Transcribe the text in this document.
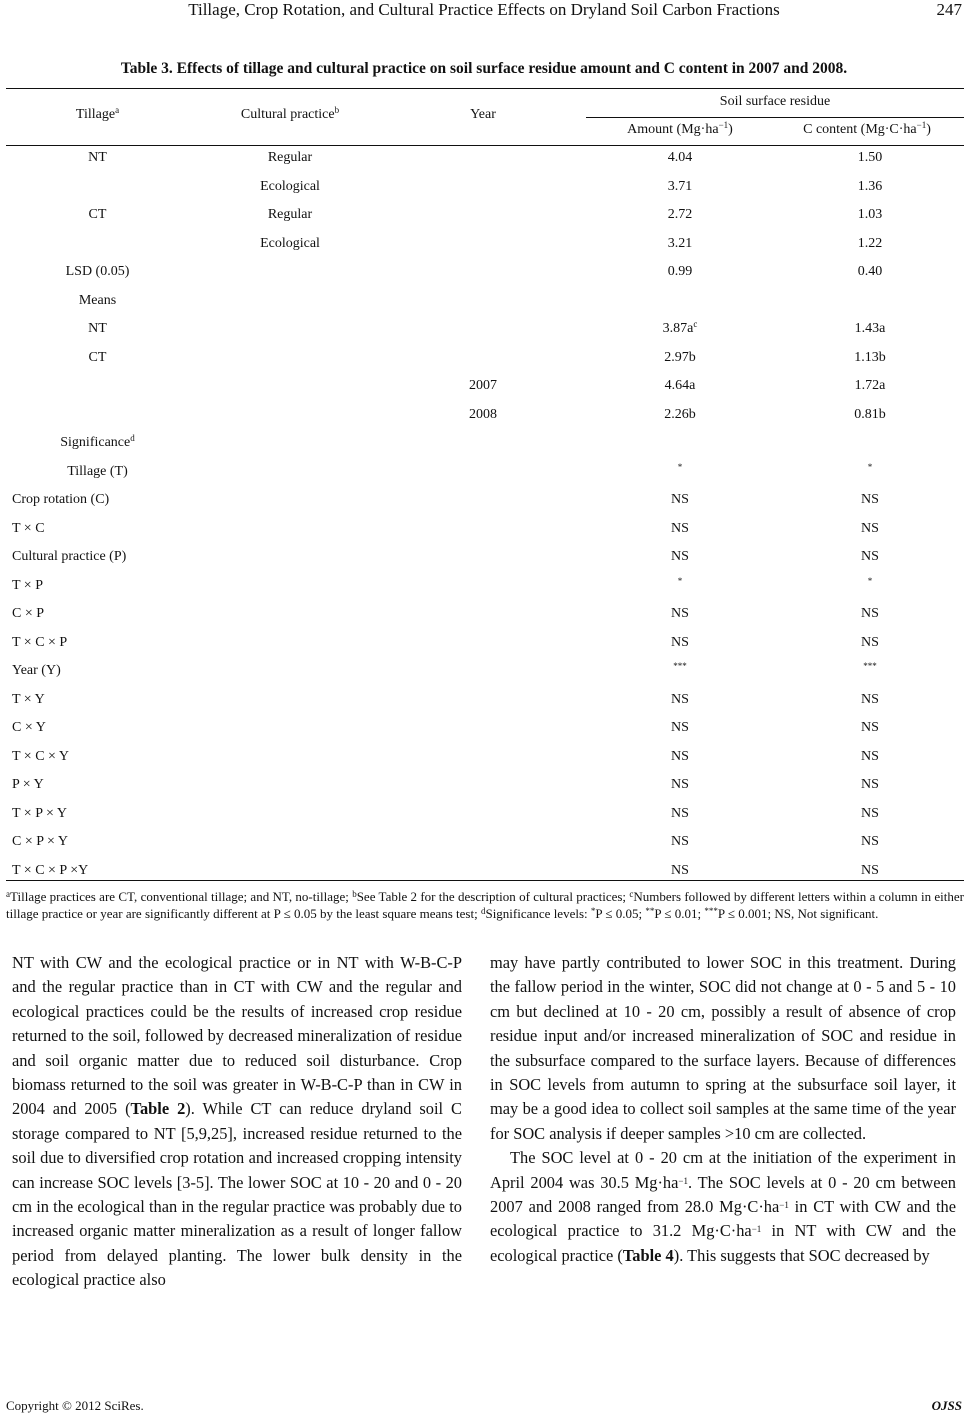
Tillage, Crop Rotation, and Cultural Practice Effects on Dryland Soil Carbon Fractions	247
Table 3. Effects of tillage and cultural practice on soil surface residue amount and C content in 2007 and 2008.
Tillage$^a$	Cultural practice$^b$	Year
Soil surface residue
Amount $(Mg\cdot ha^{-1})$	C content $(Mg\cdot C\cdot ha^{-1})$
NT	Regular	4.04	1.50
Ecological	3.71	1.36
CT	Regular	2.72	1.03
Ecological	3.21	1.22
LSD (0.05)	0.99	0.40
Means
NT	$3.87a^c$	1.43a
CT	2.97b	1.13b
2007	4.64a	1.72a
2008	2.26b	0.81b
Significance$^d$
Tillage (T)	*	*
Crop rotation (C)	NS	NS
T × C	NS	NS
Cultural practice (P)	NS	NS
T × P	*	*
C × P	NS	NS
T × C × P	NS	NS
Year (Y)	***	***
T × Y	NS	NS
C × Y	NS	NS
T × C × Y	NS	NS
P × Y	NS	NS
T × P × Y	NS	NS
C × P × Y	NS	NS
T × C × P ×Y	NS	NS
$^a$Tillage practices are CT, conventional tillage; and NT, no-tillage; $^b$See Table 2 for the description of cultural practices; $^c$Numbers followed by different letters within a column in either tillage practice or year are significantly different at P ≤ 0.05 by the least square means test; $^d$Significance levels: *P ≤ 0.05; **P ≤ 0.01; ***P ≤ 0.001; NS, Not significant.

NT with CW and the ecological practice or in NT with W-B-C-P and the regular practice than in CT with CW and the regular and ecological practices could be the results of increased crop residue returned to the soil, followed by decreased mineralization of residue and soil organic matter due to reduced soil disturbance. Crop biomass returned to the soil was greater in W-B-C-P than in CW in 2004 and 2005 (Table 2). While CT can reduce dryland soil C storage compared to NT [5,9,25], increased residue returned to the soil due to diversified crop rotation and increased cropping intensity can increase SOC levels [3-5]. The lower SOC at 10 - 20 and 0 - 20 cm in the ecological than in the regular practice was probably due to increased organic matter mineralization as a result of longer fallow period from delayed planting. The lower bulk density in the ecological practice also

may have partly contributed to lower SOC in this treatment. During the fallow period in the winter, SOC did not change at 0 - 5 and 5 - 10 cm but declined at 10 - 20 cm, possibly a result of absence of crop residue input and/or increased mineralization of SOC and residue in the subsurface compared to the surface layers. Because of differences in SOC levels from autumn to spring at the subsurface soil layer, it may be a good idea to collect soil samples at the same time of the year for SOC analysis if deeper samples >10 cm are collected.

The SOC level at 0 - 20 cm at the initiation of the experiment in April 2004 was 30.5 $Mg\cdot ha^{-1}$. The SOC levels at 0 - 20 cm between 2007 and 2008 ranged from 28.0 $Mg\cdot C\cdot ha^{-1}$ in CT with CW and the ecological practice to 31.2 $Mg\cdot C\cdot ha^{-1}$ in NT with CW and the ecological practice (Table 4). This suggests that SOC decreased by

Copyright © 2012 SciRes.	OJSS
